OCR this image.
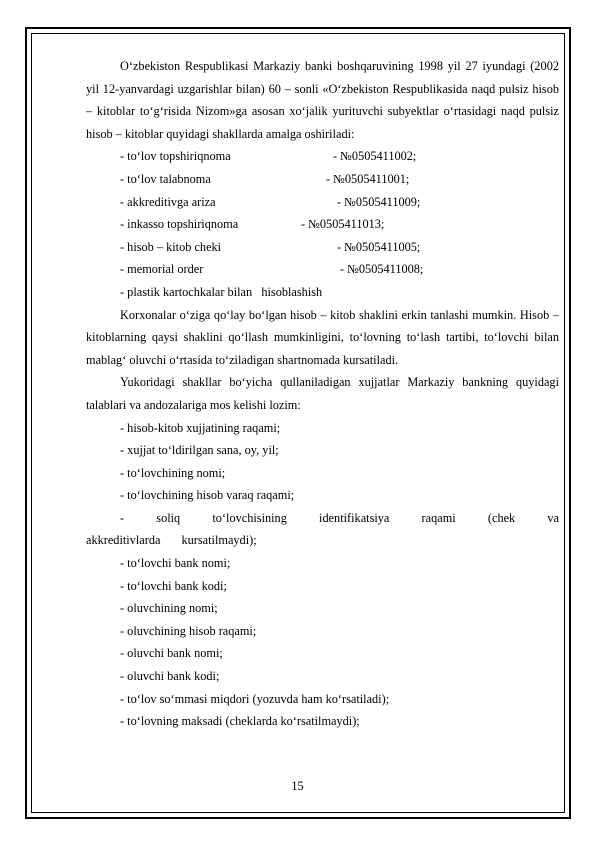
O‘zbekiston Respublikasi Markaziy banki boshqaruvining 1998 yil 27 iyundagi (2002 yil 12-yanvardagi uzgarishlar bilan) 60 – sonli «O‘zbekiston Respublikasida naqd pulsiz hisob – kitoblar to‘g‘risida Nizom»ga asosan xo‘jalik yurituvchi subyektlar o‘rtasidagi naqd pulsiz hisob – kitoblar quyidagi shakllarda amalga oshiriladi:

- to‘lov topshiriqnoma	- №0505411002;
- to‘lov talabnoma	- №0505411001;
- akkreditivga ariza	- №0505411009;
- inkasso topshiriqnoma	- №0505411013;
- hisob – kitob cheki	- №0505411005;
- memorial order	- №0505411008;
- plastik kartochkalar bilan   hisoblashish

Korxonalar o‘ziga qo‘lay bo‘lgan hisob – kitob shaklini erkin tanlashi mumkin. Hisob – kitoblarning qaysi shaklini qo‘llash mumkinligini, to‘lovning to‘lash tartibi, to‘lovchi bilan mablag‘ oluvchi o‘rtasida to‘ziladigan shartnomada kursatiladi.

Yukoridagi shakllar bo‘yicha qullaniladigan xujjatlar Markaziy bankning quyidagi talablari va andozalariga mos kelishi lozim:

- hisob-kitob xujjatining raqami;

- xujjat to‘ldirilgan sana, oy, yil;

- to‘lovchining nomi;

- to‘lovchining hisob varaq raqami;

- soliq to‘lovchisining identifikatsiya raqami (chek va akkreditivlarda kursatilmaydi);

- to‘lovchi bank nomi;

- to‘lovchi bank kodi;

- oluvchining nomi;

- oluvchining hisob raqami;

- oluvchi bank nomi;

- oluvchi bank kodi;

- to‘lov so‘mmasi miqdori (yozuvda ham ko‘rsatiladi);

- to‘lovning maksadi (cheklarda ko‘rsatilmaydi);

15
